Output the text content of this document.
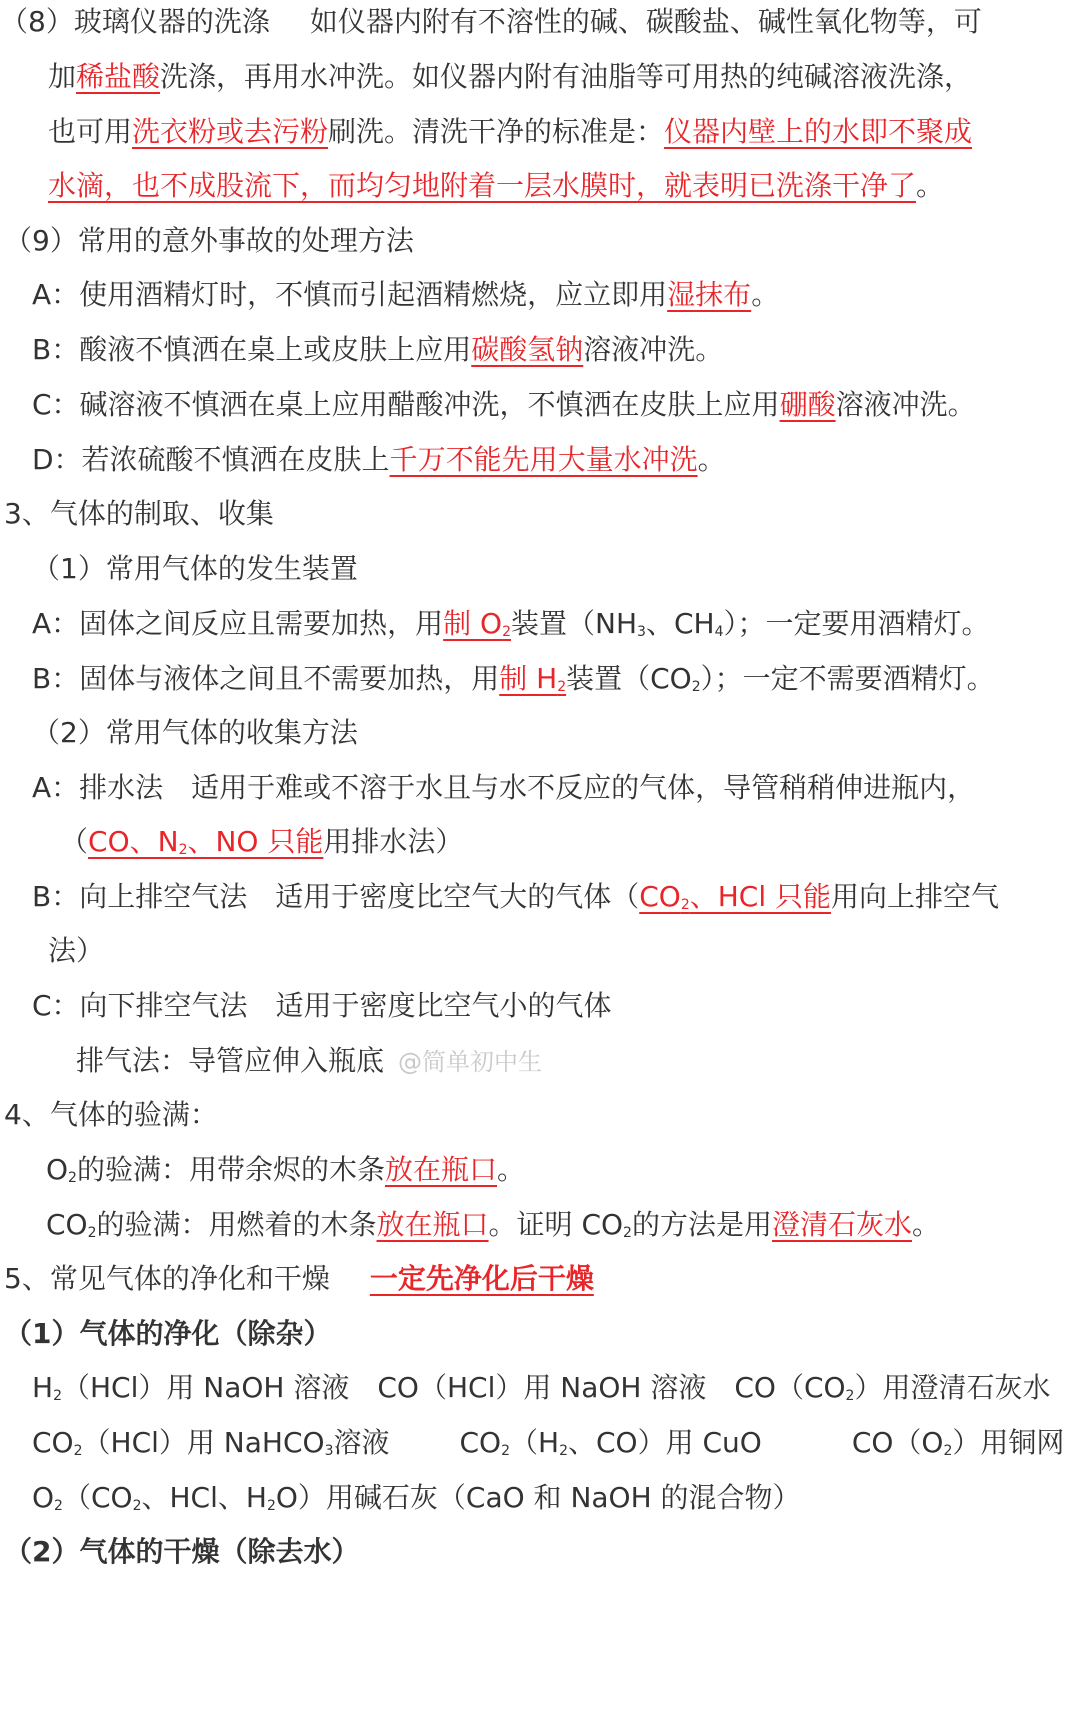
（8）玻璃仪器的洗涤 如仪器内附有不溶性的碱、碳酸盐、碱性氧化物等，可
加稀盐酸洗涤，再用水冲洗。如仪器内附有油脂等可用热的纯碱溶液洗涤，
也可用洗衣粉或去污粉刷洗。清洗干净的标准是：仪器内壁上的水即不聚成
水滴，也不成股流下，而均匀地附着一层水膜时，就表明已洗涤干净了。
（9）常用的意外事故的处理方法
A：使用酒精灯时，不慎而引起酒精燃烧，应立即用湿抹布。
B：酸液不慎洒在桌上或皮肤上应用碳酸氢钠溶液冲洗。
C：碱溶液不慎洒在桌上应用醋酸冲洗，不慎洒在皮肤上应用硼酸溶液冲洗。
D：若浓硫酸不慎洒在皮肤上千万不能先用大量水冲洗。
3、气体的制取、收集
（1）常用气体的发生装置
A：固体之间反应且需要加热，用制 $O_2$装置（$NH_3$、$CH_4$）；一定要用酒精灯。
B：固体与液体之间且不需要加热，用制 $H_2$装置$(CO_2)$；一定不需要酒精灯。
（2）常用气体的收集方法
A：排水法　适用于难或不溶于水且与水不反应的气体，导管稍稍伸进瓶内，
（CO、$N_2$、NO 只能用排水法）
B：向上排空气法　适用于密度比空气大的气体（$CO_2$、HCl 只能用向上排空气
法）
C：向下排空气法　适用于密度比空气小的气体
排气法：导管应伸入瓶底 @简单初中生
4、气体的验满：
$O_2$的验满：用带余烬的木条放在瓶口。
$CO_2$的验满：用燃着的木条放在瓶口。证明 $CO_2$的方法是用澄清石灰水。
5、常见气体的净化和干燥 一定先净化后干燥
（1）气体的净化（除杂）
$H_2(HCl)$用 NaOH 溶液 CO（HCl）用 NaOH 溶液 $CO(CO_2)$用澄清石灰水
$CO_2(HCl)$用 NaHCO$_3$溶液	$CO_2(H_2$、CO）用 CuO	$CO(O_2)$用铜网
$O_2(CO_2$、HCl、$H_2O$）用碱石灰（CaO 和 NaOH 的混合物）
（2）气体的干燥（除去水）
